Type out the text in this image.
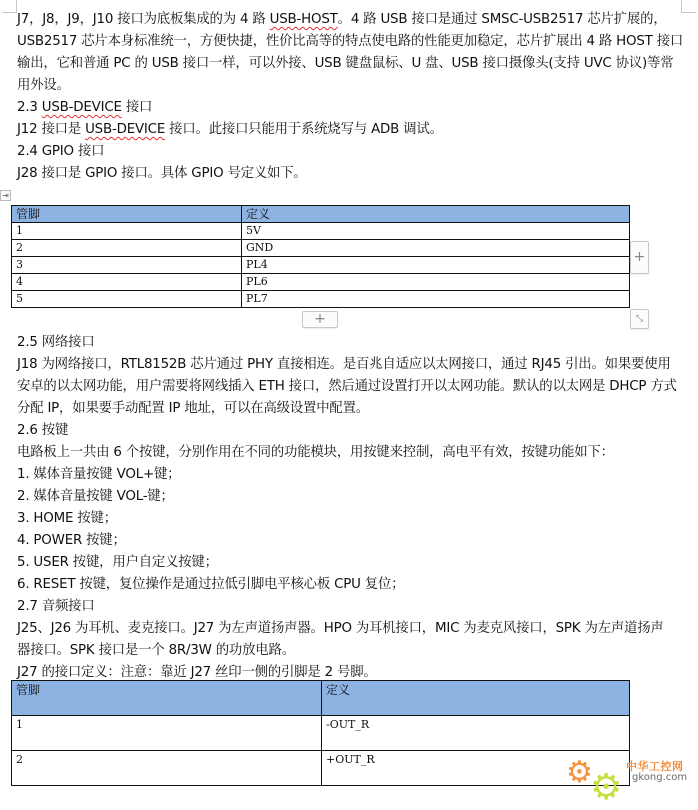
J7，J8，J9，J10 接口为底板集成的为 4 路 USB-HOST。4 路 USB 接口是通过 SMSC-USB2517 芯片扩展的，
USB2517 芯片本身标准统一，方便快捷，性价比高等的特点使电路的性能更加稳定，芯片扩展出 4 路 HOST 接口
输出，它和普通 PC 的 USB 接口一样，可以外接、USB 键盘鼠标、U 盘、USB 接口摄像头(支持 UVC 协议)等常
用外设。
2.3 USB-DEVICE 接口
J12 接口是 USB-DEVICE 接口。此接口只能用于系统烧写与 ADB 调试。
2.4 GPIO 接口
J28 接口是 GPIO 接口。具体 GPIO 号定义如下。
2.5 网络接口
J18 为网络接口，RTL8152B 芯片通过 PHY 直接相连。是百兆自适应以太网接口，通过 RJ45 引出。如果要使用
安卓的以太网功能，用户需要将网线插入 ETH 接口，然后通过设置打开以太网功能。默认的以太网是 DHCP 方式
分配 IP，如果要手动配置 IP 地址，可以在高级设置中配置。
2.6 按键
电路板上一共由 6 个按键，分别作用在不同的功能模块，用按键来控制，高电平有效，按键功能如下：
1. 媒体音量按键 VOL+键；
2. 媒体音量按键 VOL-键；
3. HOME 按键；
4. POWER 按键；
5. USER 按键，用户自定义按键；
6. RESET 按键，复位操作是通过拉低引脚电平核心板 CPU 复位；
2.7 音频接口
J25、J26 为耳机、麦克接口。J27 为左声道扬声器。HPO 为耳机接口，MIC 为麦克风接口，SPK 为左声道扬声
器接口。SPK 接口是一个 8R/3W 的功放电路。
J27 的接口定义：注意：靠近 J27 丝印一侧的引脚是 2 号脚。
⇥
管脚	定义
1	5V
2	GND
3	PL4
4	PL6
5	PL7
+
+	⤡
管脚	定义
1	-OUT_R
2	+OUT_R	⚙
⚙
中华工控网
gkong.com
